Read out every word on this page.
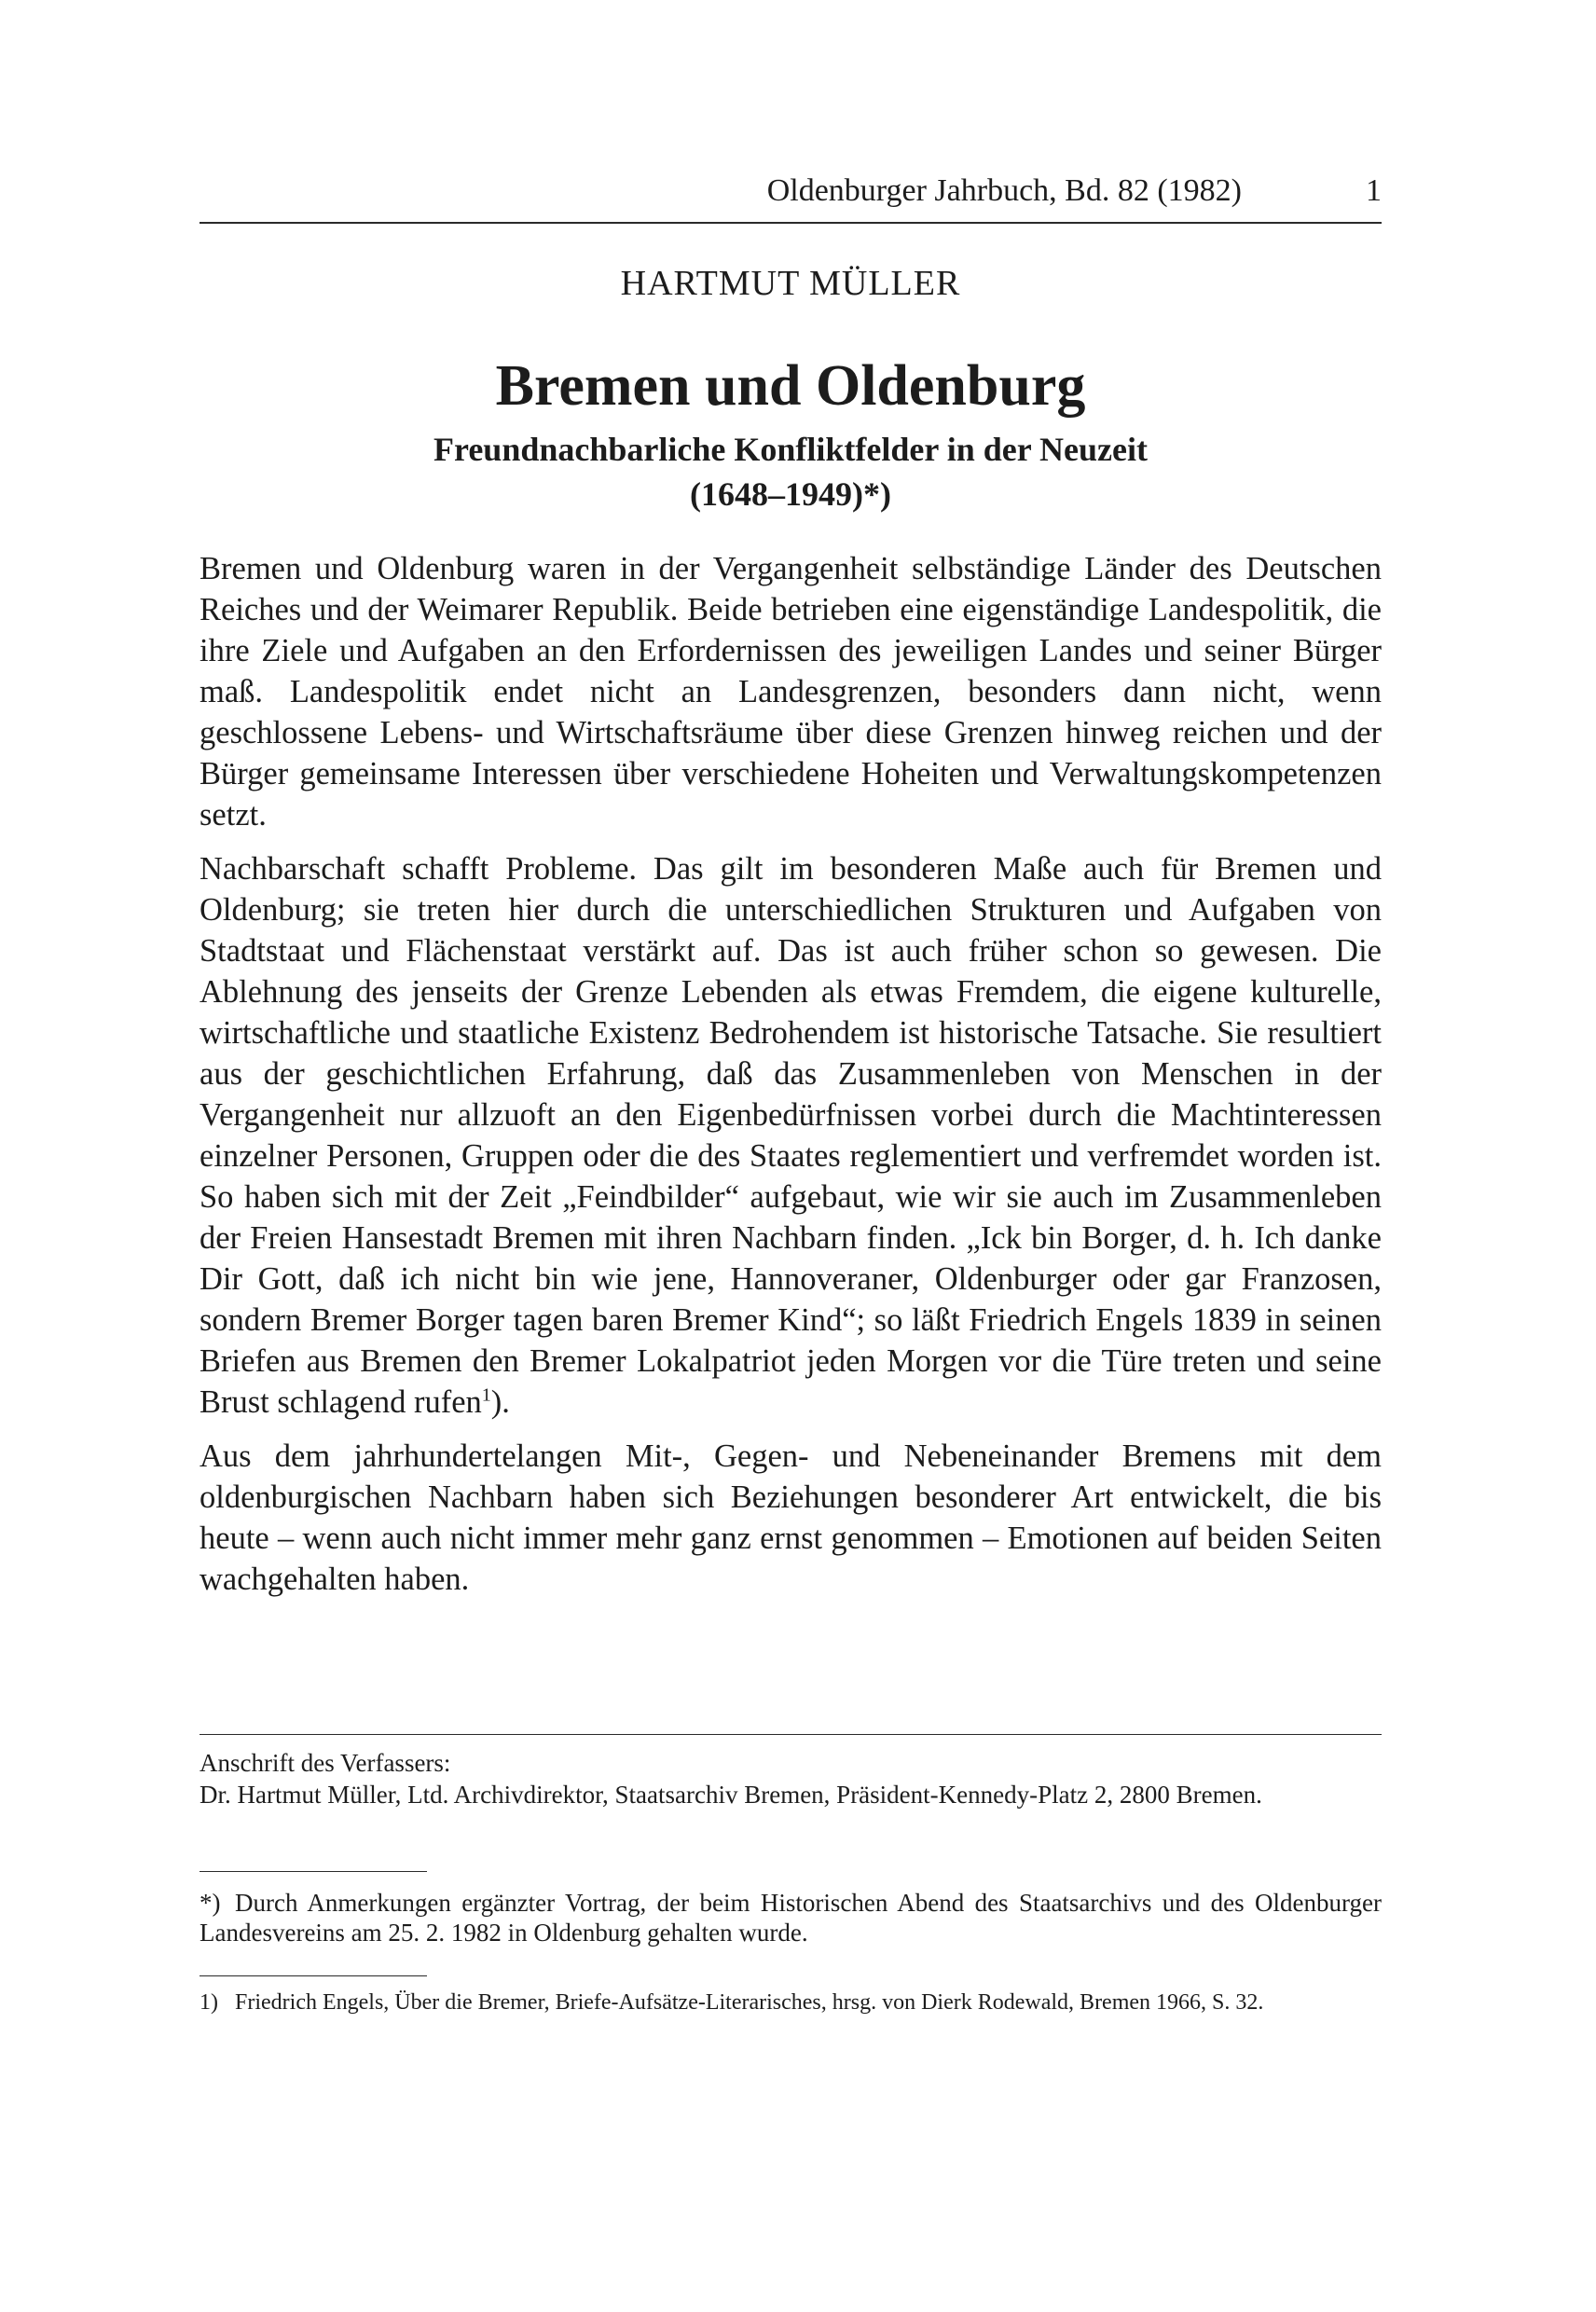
Oldenburger Jahrbuch, Bd. 82 (1982)	1
HARTMUT MÜLLER
Bremen und Oldenburg
Freundnachbarliche Konfliktfelder in der Neuzeit
(1648–1949)*)

Bremen und Oldenburg waren in der Vergangenheit selbständige Länder des Deutschen Reiches und der Weimarer Republik. Beide betrieben eine eigenständige Landespolitik, die ihre Ziele und Aufgaben an den Erfordernissen des jeweiligen Landes und seiner Bürger maß. Landespolitik endet nicht an Landesgrenzen, besonders dann nicht, wenn geschlossene Lebens- und Wirtschaftsräume über diese Grenzen hinweg reichen und der Bürger gemeinsame Interessen über verschiedene Hoheiten und Verwaltungskompetenzen setzt.

Nachbarschaft schafft Probleme. Das gilt im besonderen Maße auch für Bremen und Oldenburg; sie treten hier durch die unterschiedlichen Strukturen und Aufgaben von Stadtstaat und Flächenstaat verstärkt auf. Das ist auch früher schon so gewesen. Die Ablehnung des jenseits der Grenze Lebenden als etwas Fremdem, die eigene kulturelle, wirtschaftliche und staatliche Existenz Bedrohendem ist historische Tatsache. Sie resultiert aus der geschichtlichen Erfahrung, daß das Zusammenleben von Menschen in der Vergangenheit nur allzuoft an den Eigenbedürfnissen vorbei durch die Machtinteressen einzelner Personen, Gruppen oder die des Staates reglementiert und verfremdet worden ist. So haben sich mit der Zeit „Feindbilder“ aufgebaut, wie wir sie auch im Zusammenleben der Freien Hansestadt Bremen mit ihren Nachbarn finden. „Ick bin Borger, d. h. Ich danke Dir Gott, daß ich nicht bin wie jene, Hannoveraner, Oldenburger oder gar Franzosen, sondern Bremer Borger tagen baren Bremer Kind“; so läßt Friedrich Engels 1839 in seinen Briefen aus Bremen den Bremer Lokalpatriot jeden Morgen vor die Türe treten und seine Brust schlagend rufen$^1$).

Aus dem jahrhundertelangen Mit-, Gegen- und Nebeneinander Bremens mit dem oldenburgischen Nachbarn haben sich Beziehungen besonderer Art entwickelt, die bis heute – wenn auch nicht immer mehr ganz ernst genommen – Emotionen auf beiden Seiten wachgehalten haben.

Anschrift des Verfassers:
Dr. Hartmut Müller, Ltd. Archivdirektor, Staatsarchiv Bremen, Präsident-Kennedy-Platz 2, 2800 Bremen.
*) Durch Anmerkungen ergänzter Vortrag, der beim Historischen Abend des Staatsarchivs und des Oldenburger Landesvereins am 25. 2. 1982 in Oldenburg gehalten wurde.
1) Friedrich Engels, Über die Bremer, Briefe-Aufsätze-Literarisches, hrsg. von Dierk Rodewald, Bremen 1966, S. 32.
